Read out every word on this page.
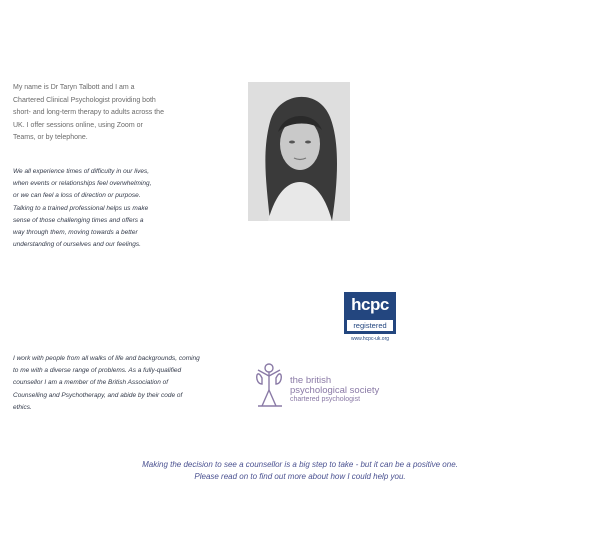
My name is Dr Taryn Talbott and I am a

Chartered Clinical Psychologist providing both

short- and long-term therapy to adults across the

UK. I offer sessions online, using Zoom or

Teams, or by telephone.

We all experience times of difficulty in our lives,
when events or relationships feel overwhelming,
or we can feel a loss of direction or purpose.
Talking to a trained professional helps us make
sense of those challenging times and offers a
way through them, moving towards a better
understanding of ourselves and our feelings.
hcpc
registered
www.hcpc-uk.org
I work with people from all walks of life and backgrounds, coming
to me with a diverse range of problems. As a fully-qualified
counsellor I am a member of the British Association of
Counselling and Psychotherapy, and abide by their code of
ethics.
the british
psychological society
chartered psychologist
Making the decision to see a counsellor is a big step to take - but it can be a positive one.
Please read on to find out more about how I could help you.
